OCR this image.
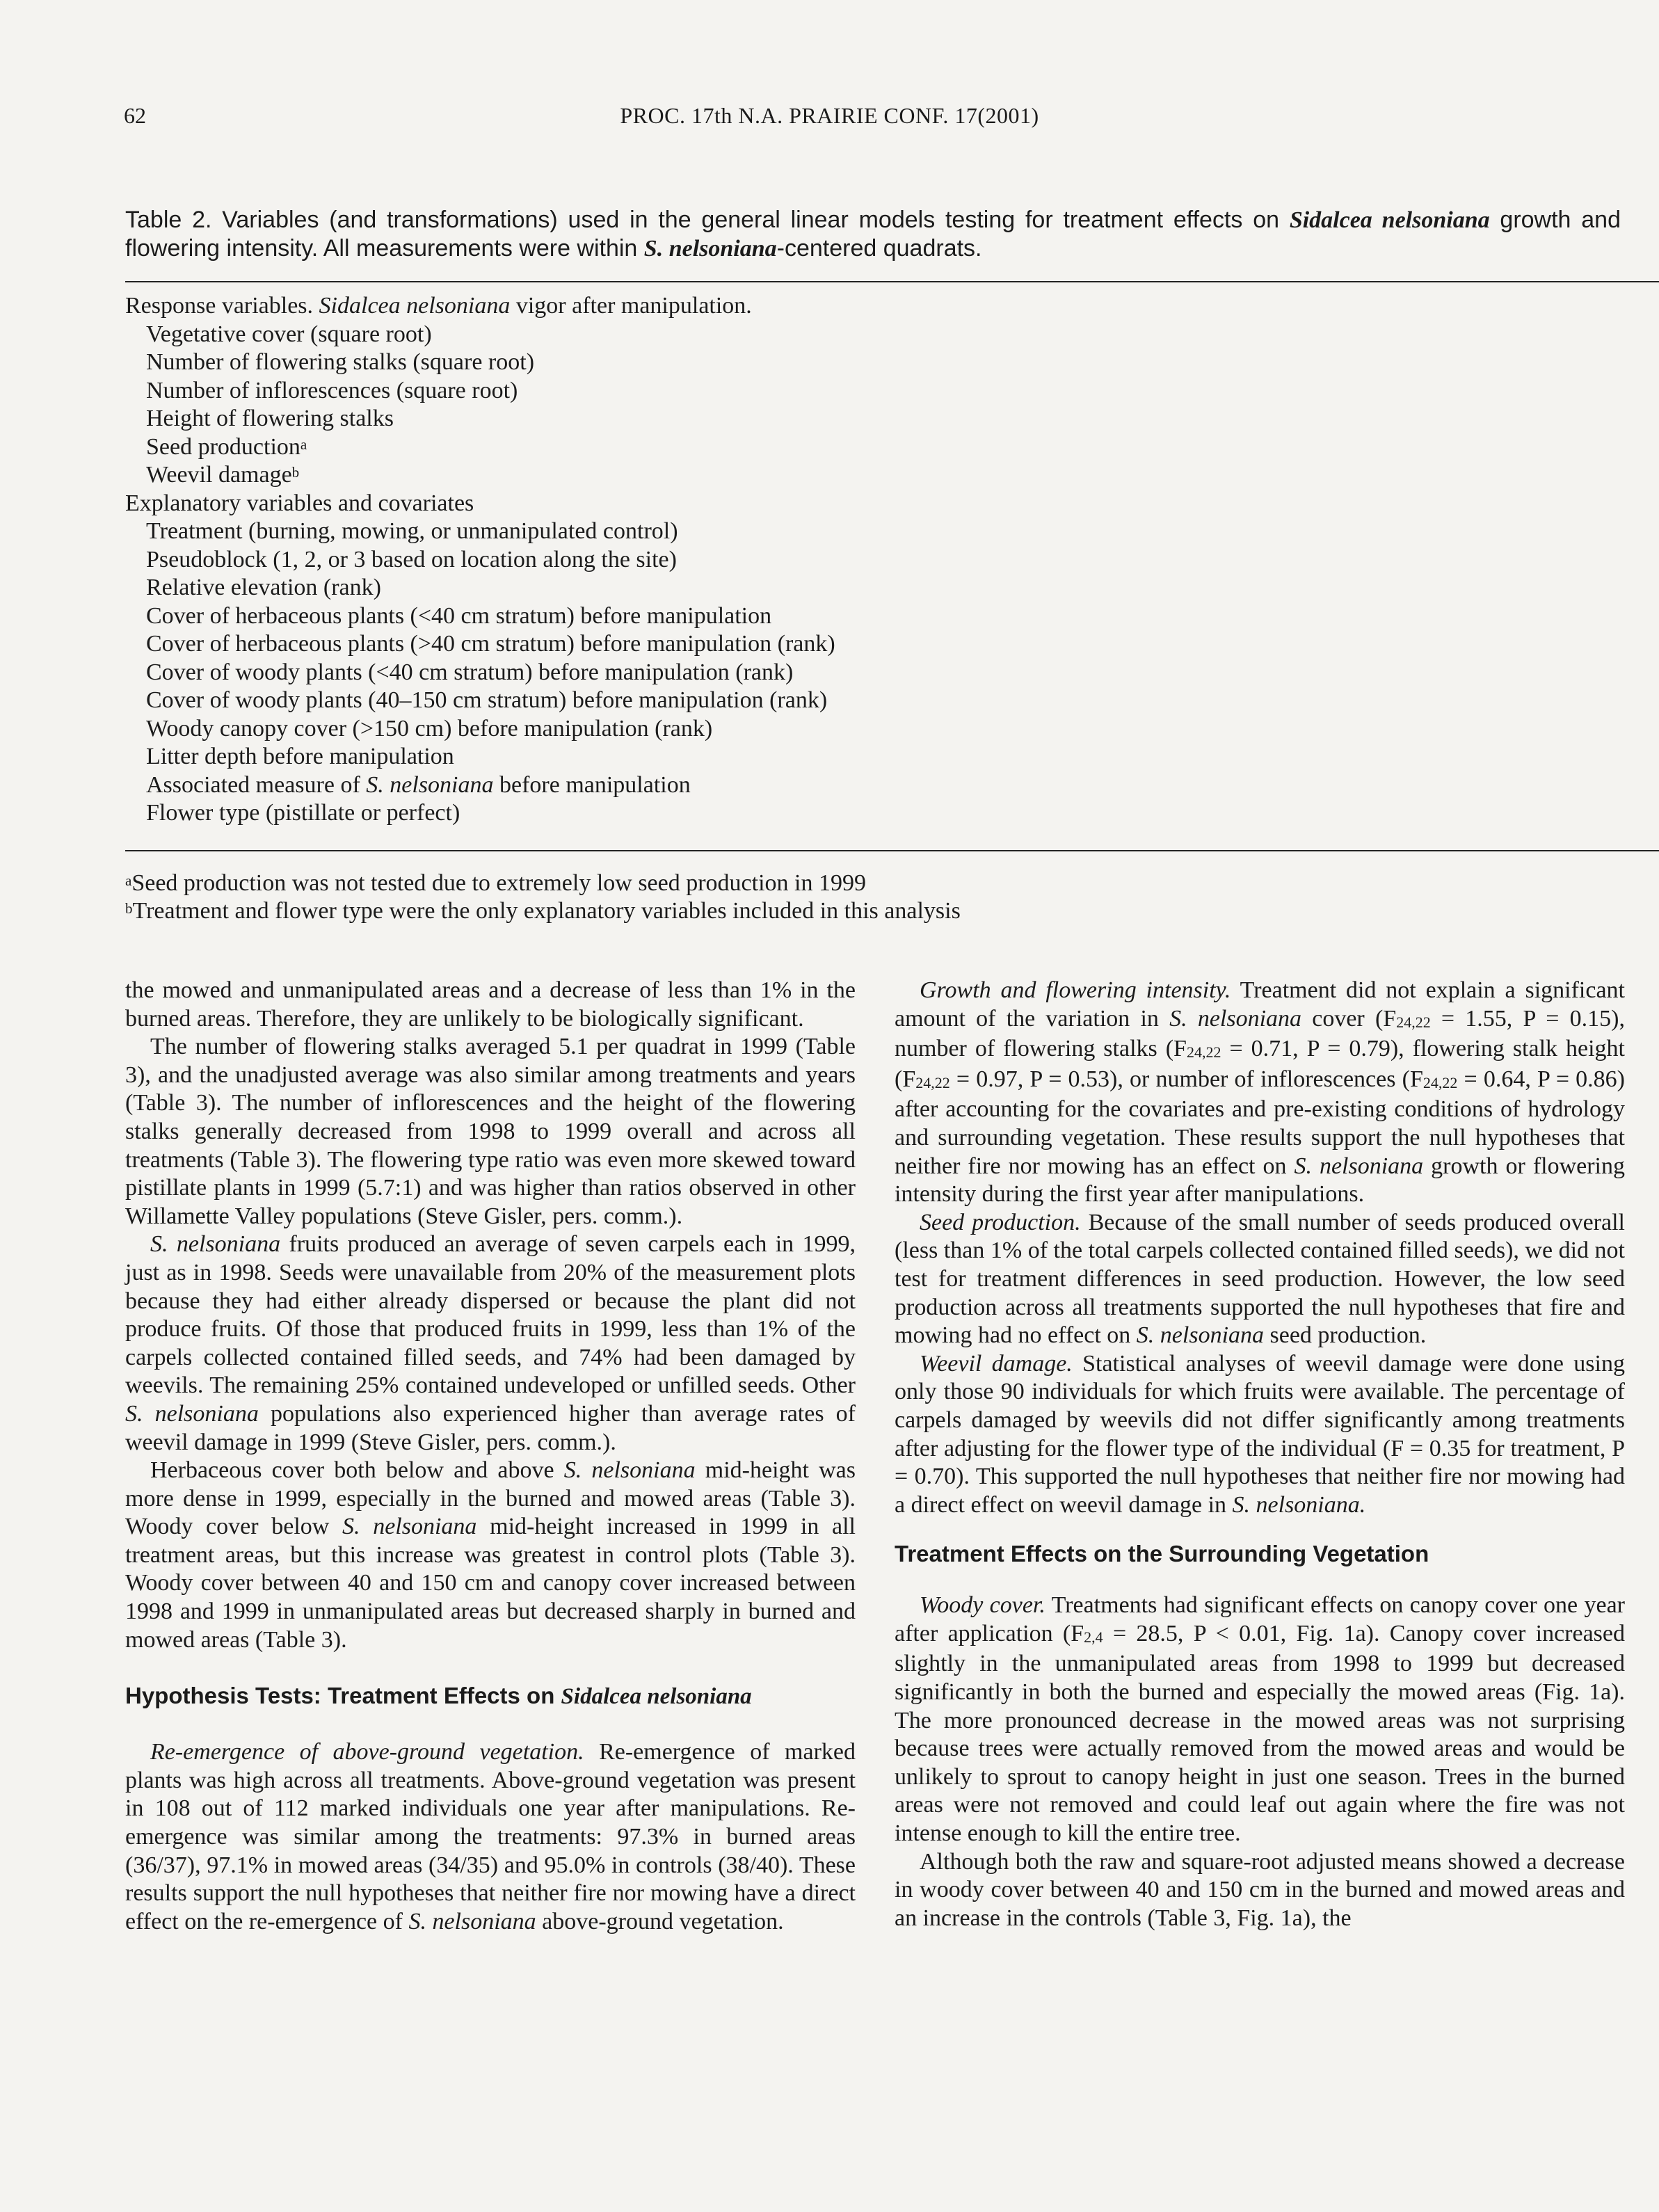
62	PROC. 17th N.A. PRAIRIE CONF. 17(2001)
Table 2. Variables (and transformations) used in the general linear models testing for treatment effects on Sidalcea nelsoniana growth and flowering intensity. All measurements were within S. nelsoniana-centered quadrats.
Response variables. Sidalcea nelsoniana vigor after manipulation.
Vegetative cover (square root)
Number of flowering stalks (square root)
Number of inflorescences (square root)
Height of flowering stalks
Seed production$^a$
Weevil damage$^b$
Explanatory variables and covariates
Treatment (burning, mowing, or unmanipulated control)
Pseudoblock (1, 2, or 3 based on location along the site)
Relative elevation (rank)
Cover of herbaceous plants (<40 cm stratum) before manipulation
Cover of herbaceous plants (>40 cm stratum) before manipulation (rank)
Cover of woody plants (<40 cm stratum) before manipulation (rank)
Cover of woody plants (40–150 cm stratum) before manipulation (rank)
Woody canopy cover (>150 cm) before manipulation (rank)
Litter depth before manipulation
Associated measure of S. nelsoniana before manipulation
Flower type (pistillate or perfect)
$^a$Seed production was not tested due to extremely low seed production in 1999
$^b$Treatment and flower type were the only explanatory variables included in this analysis

the mowed and unmanipulated areas and a decrease of less than 1% in the burned areas. Therefore, they are unlikely to be biologically significant.

The number of flowering stalks averaged 5.1 per quadrat in 1999 (Table 3), and the unadjusted average was also similar among treatments and years (Table 3). The number of inflorescences and the height of the flowering stalks generally decreased from 1998 to 1999 overall and across all treatments (Table 3). The flowering type ratio was even more skewed toward pistillate plants in 1999 (5.7:1) and was higher than ratios observed in other Willamette Valley populations (Steve Gisler, pers. comm.).

S. nelsoniana fruits produced an average of seven carpels each in 1999, just as in 1998. Seeds were unavailable from 20% of the measurement plots because they had either already dispersed or because the plant did not produce fruits. Of those that produced fruits in 1999, less than 1% of the carpels collected contained filled seeds, and 74% had been damaged by weevils. The remaining 25% contained undeveloped or unfilled seeds. Other S. nelsoniana populations also experienced higher than average rates of weevil damage in 1999 (Steve Gisler, pers. comm.).

Herbaceous cover both below and above S. nelsoniana mid-height was more dense in 1999, especially in the burned and mowed areas (Table 3). Woody cover below S. nelsoniana mid-height increased in 1999 in all treatment areas, but this increase was greatest in control plots (Table 3). Woody cover between 40 and 150 cm and canopy cover increased between 1998 and 1999 in unmanipulated areas but decreased sharply in burned and mowed areas (Table 3).

Hypothesis Tests: Treatment Effects on Sidalcea nelsoniana

Re-emergence of above-ground vegetation. Re-emergence of marked plants was high across all treatments. Above-ground vegetation was present in 108 out of 112 marked individuals one year after manipulations. Re-emergence was similar among the treatments: 97.3% in burned areas (36/37), 97.1% in mowed areas (34/35) and 95.0% in controls (38/40). These results support the null hypotheses that neither fire nor mowing have a direct effect on the re-emergence of S. nelsoniana above-ground vegetation.

Growth and flowering intensity. Treatment did not explain a significant amount of the variation in S. nelsoniana cover ($F_{24,22} = 1.55$, P = 0.15), number of flowering stalks ($F_{24,22} = 0.71$, P = 0.79), flowering stalk height ($F_{24,22} = 0.97$, P = 0.53), or number of inflorescences ($F_{24,22} = 0.64$, P = 0.86) after accounting for the covariates and pre-existing conditions of hydrology and surrounding vegetation. These results support the null hypotheses that neither fire nor mowing has an effect on S. nelsoniana growth or flowering intensity during the first year after manipulations.

Seed production. Because of the small number of seeds produced overall (less than 1% of the total carpels collected contained filled seeds), we did not test for treatment differences in seed production. However, the low seed production across all treatments supported the null hypotheses that fire and mowing had no effect on S. nelsoniana seed production.

Weevil damage. Statistical analyses of weevil damage were done using only those 90 individuals for which fruits were available. The percentage of carpels damaged by weevils did not differ significantly among treatments after adjusting for the flower type of the individual (F = 0.35 for treatment, P = 0.70). This supported the null hypotheses that neither fire nor mowing had a direct effect on weevil damage in S. nelsoniana.

Treatment Effects on the Surrounding Vegetation

Woody cover. Treatments had significant effects on canopy cover one year after application ($F_{2,4} = 28.5$, P < 0.01, Fig. 1a). Canopy cover increased slightly in the unmanipulated areas from 1998 to 1999 but decreased significantly in both the burned and especially the mowed areas (Fig. 1a). The more pronounced decrease in the mowed areas was not surprising because trees were actually removed from the mowed areas and would be unlikely to sprout to canopy height in just one season. Trees in the burned areas were not removed and could leaf out again where the fire was not intense enough to kill the entire tree.

Although both the raw and square-root adjusted means showed a decrease in woody cover between 40 and 150 cm in the burned and mowed areas and an increase in the controls (Table 3, Fig. 1a), the
